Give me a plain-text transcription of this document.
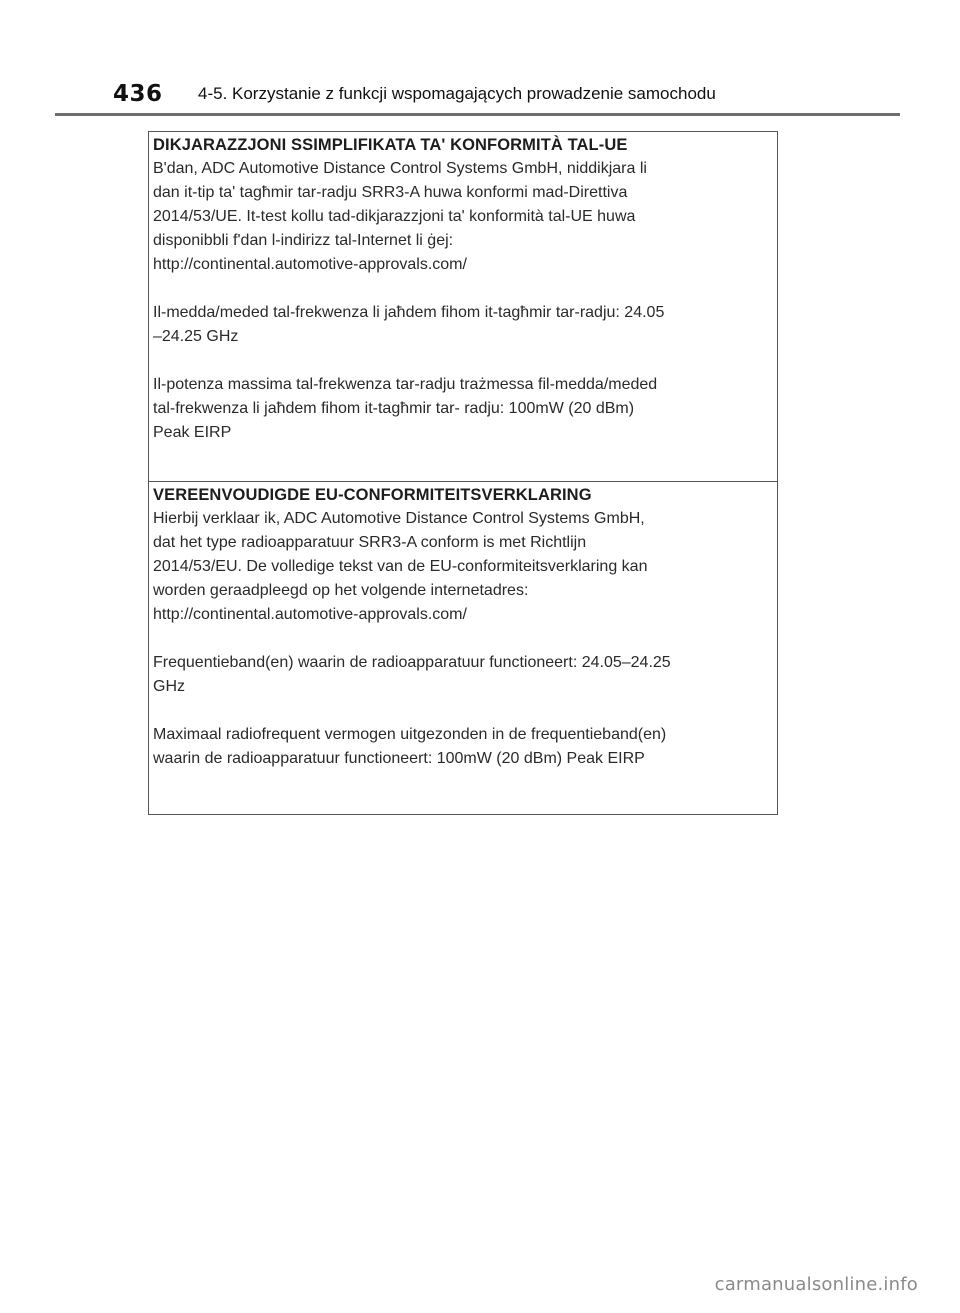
436	4-5. Korzystanie z funkcji wspomagających prowadzenie samochodu
DIKJARAZZJONI SSIMPLIFIKATA TA' KONFORMITÀ TAL-UE

B'dan, ADC Automotive Distance Control Systems GmbH, niddikjara li
dan it-tip ta' tagħmir tar-radju SRR3-A huwa konformi mad-Direttiva
2014/53/UE. It-test kollu tad-dikjarazzjoni ta' konformità tal-UE huwa
disponibbli f'dan l-indirizz tal-Internet li ġej:
http://continental.automotive-approvals.com/

Il-medda/meded tal-frekwenza li jaħdem fihom it-tagħmir tar-radju: 24.05
–24.25 GHz

Il-potenza massima tal-frekwenza tar-radju trażmessa fil-medda/meded
tal-frekwenza li jaħdem fihom it-tagħmir tar- radju: 100mW (20 dBm)
Peak EIRP

VEREENVOUDIGDE EU-CONFORMITEITSVERKLARING

Hierbij verklaar ik, ADC Automotive Distance Control Systems GmbH,
dat het type radioapparatuur SRR3-A conform is met Richtlijn
2014/53/EU. De volledige tekst van de EU-conformiteitsverklaring kan
worden geraadpleegd op het volgende internetadres:
http://continental.automotive-approvals.com/

Frequentieband(en) waarin de radioapparatuur functioneert: 24.05–24.25
GHz

Maximaal radiofrequent vermogen uitgezonden in de frequentieband(en)
waarin de radioapparatuur functioneert: 100mW (20 dBm) Peak EIRP

carmanualsonline.info
